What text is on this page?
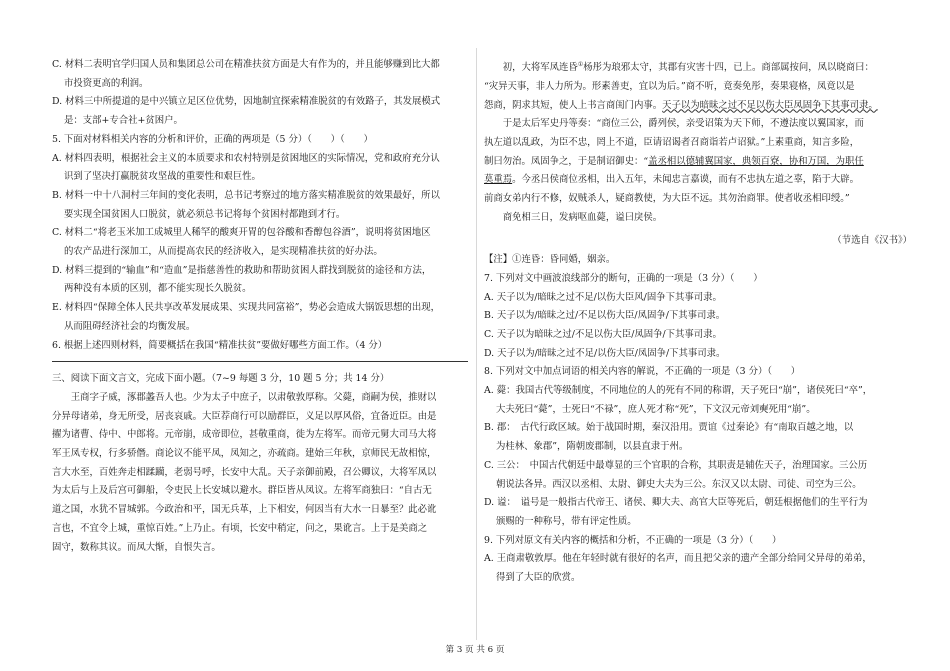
C. 材料二表明官学归国人员和集团总公司在精准扶贫方面是大有作为的，并且能够赚到比大都

市投资更高的利润。

D. 材料三中所提道的是中兴镇立足区位优势，因地制宜探索精准脱贫的有效路子，其发展模式

是：支部+专合社+贫困户。

5. 下面对材料相关内容的分析和评价，正确的两项是（5 分）（　　）（　　）

A. 材料四表明，根据社会主义的本质要求和农村特别是贫困地区的实际情况，党和政府充分认

识到了坚决打赢脱贫攻坚战的重要性和艰巨性。

B. 材料一中十八洞村三年间的变化表明，总书记考察过的地方落实精准脱贫的效果最好，所以

要实现全国贫困人口脱贫，就必须总书记将每个贫困村都跑到才行。

C. 材料二“将老玉米加工成城里人稀罕的酸爽开胃的包谷酸和香醇包谷酒”，说明将贫困地区

的农产品进行深加工，从而提高农民的经济收入，是实现精准扶贫的好办法。

D. 材料三提到的“输血”和“造血”是指慈善性的救助和帮助贫困人群找到脱贫的途径和方法，

两种没有本质的区别，都不能实现长久脱贫。

E. 材料四“保障全体人民共享改革发展成果、实现共同富裕”，势必会造成大锅饭思想的出现，

从而阻碍经济社会的均衡发展。

6. 根据上述四则材料，简要概括在我国“精准扶贫”要做好哪些方面工作。（4 分）

三、阅读下面文言文，完成下面小题。（7~9 每题 3 分，10 题 5 分；共 14 分）

王商字子威，涿郡蠡吾人也。少为太子中庶子，以肃敬敦厚称。父薨，商嗣为侯，推财以

分异母诸弟，身无所受，居丧哀戚。大臣荐商行可以励群臣，义足以厚风俗，宜备近臣。由是

擢为诸曹、侍中、中郎将。元帝崩，成帝即位，甚敬重商，徙为左将军。而帝元舅大司马大将

军王凤专权，行多骄僭。商论议不能平凤，凤知之，亦疏商。建始三年秋，京师民无故相惊，

言大水至，百姓奔走相蹂躏，老弱号呼，长安中大乱。天子亲御前殿，召公卿议，大将军凤以

为太后与上及后宫可御船，令吏民上长安城以避水。群臣皆从凤议。左将军商独曰：“自古无

道之国，水犹不冒城郭。今政治和平，国无兵革，上下相安，何因当有大水一日暴至？此必讹

言也，不宜令上城，重惊百姓。”上乃止。有顷，长安中稍定，问之，果讹言。上于是美商之

固守，数称其议。而凤大惭，自恨失言。

初，大将军凤连昏①杨彤为琅邪太守，其郡有灾害十四，已上。商部属按问，凤以晓商曰：

“灾异天事，非人力所为。形素善吏，宜以为后。”商不听，竟奏免彤，奏果寝格，凤竟以是

怨商，阴求其短，使人上书言商闺门内事。天子以为暗昧之过不足以伤大臣凤固争下其事司隶。

于是太后军史丹等奏：“商位三公，爵列侯，亲受诏策为天下师，不遵法度以翼国家，而

执左道以乱政，为臣不忠，罔上不道，臣请诏谒者召商诣若卢诏狱。”上素重商，知言多险，

制曰勿治。凤固争之，于是制诏御史：“盖丞相以德辅翼国家，典领百寮，协和万国，为职任

莫重焉。今丞吕侯商位丞相，出入五年，未闻忠言嘉谟，而有不忠执左道之辜，陷于大辟。

前商女弟内行不修，奴贼杀人，疑商教使，为大臣不远。其勿治商罪。使者收丞相印绶。”

商免相三日，发病呕血薨，谥曰戾侯。

（节选自《汉书》）

【注】①连昏：昏同婚，姻亲。

7. 下列对文中画波浪线部分的断句，正确的一项是（3 分）（　　）

A. 天子以为/暗昧之过不足/以伤大臣风/固争下其事司隶。

B. 天子以为/暗昧之过/不足以伤大臣/凤固争/下其事司隶。

C. 天子以为暗昧之过/不足以伤大臣/凤固争/下其事司隶。

D. 天子以为/暗昧之过不足/以伤大臣/凤固争/下其事司隶。

8. 下列对文中加点词语的相关内容的解说，不正确的一项是（3 分）（　　）

A. 薨：我国古代等级制度，不同地位的人的死有不同的称谓，天子死曰“崩”，诸侯死曰“卒”，

大夫死曰“薨”，士死曰“不禄”，庶人死才称“死”，下文汉元帝刘奭死用“崩”。

B. 郡：　古代行政区域。始于战国时期，秦汉沿用。贾谊《过秦论》有“南取百越之地，以

为桂林、象郡”，隋朝废郡制，以县直隶于州。

C. 三公：　中国古代朝廷中最尊显的三个官职的合称，其职责是辅佐天子，治理国家。三公历

朝说法各异。西汉以丞相、太尉、御史大夫为三公。东汉又以太尉、司徒、司空为三公。

D. 谥：　谥号是一般指古代帝王、诸侯、卿大夫、高官大臣等死后，朝廷根据他们的生平行为

颁赐的一种称号，带有评定性质。

9. 下列对原文有关内容的概括和分析，不正确的一项是（3 分）（　　）

A. 王商肃敬敦厚。他在年轻时就有很好的名声，而且把父亲的遗产全部分给同父异母的弟弟，

得到了大臣的欣赏。

第 3 页 共 6 页
